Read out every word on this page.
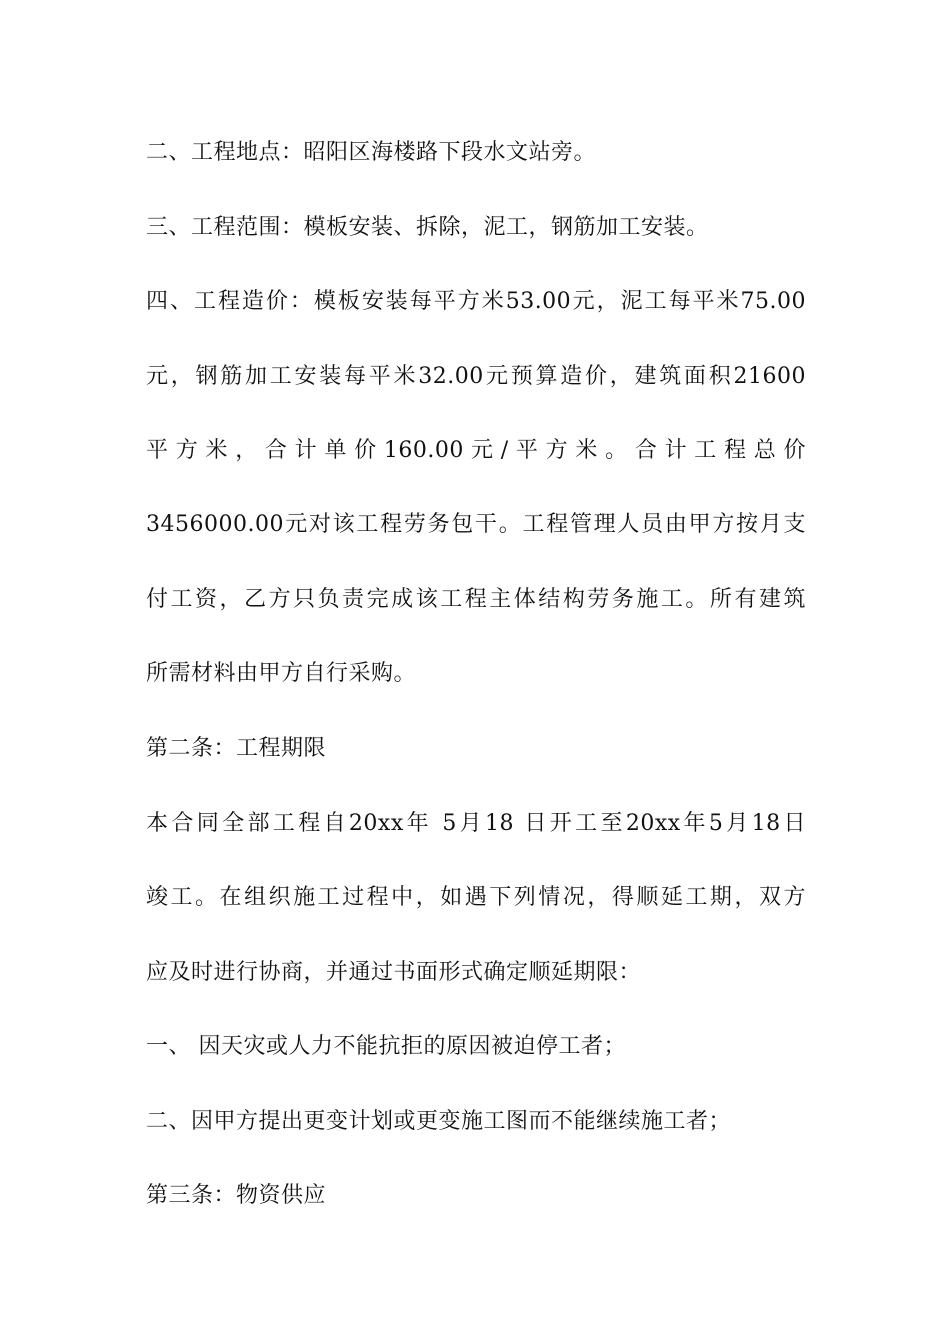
二、工程地点：昭阳区海楼路下段水文站旁。
三、工程范围：模板安装、拆除，泥工，钢筋加工安装。
四、工程造价：模板安装每平方米53.00元，泥工每平米75.00
元，钢筋加工安装每平米32.00元预算造价，建筑面积21600
平方米，合计单价160.00元/平方米。合计工程总价
3456000.00元对该工程劳务包干。工程管理人员由甲方按月支
付工资，乙方只负责完成该工程主体结构劳务施工。所有建筑
所需材料由甲方自行采购。
第二条：工程期限
本合同全部工程自20xx年 5月18 日开工至20xx年5月18日
竣工。在组织施工过程中，如遇下列情况，得顺延工期，双方
应及时进行协商，并通过书面形式确定顺延期限：
一、 因天灾或人力不能抗拒的原因被迫停工者；
二、因甲方提出更变计划或更变施工图而不能继续施工者；
第三条：物资供应
